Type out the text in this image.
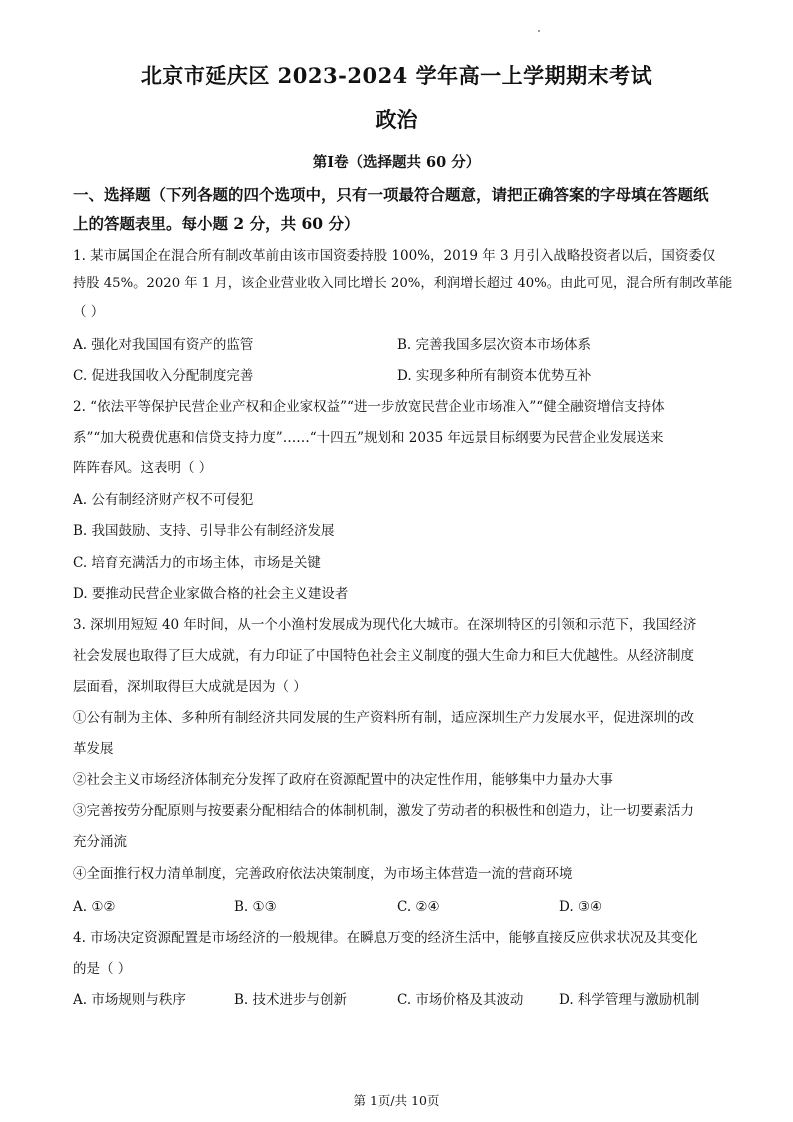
北京市延庆区 2023-2024 学年高一上学期期末考试
政治
第Ⅰ卷（选择题共 60 分）
一、选择题（下列各题的四个选项中，只有一项最符合题意，请把正确答案的字母填在答题纸上的答题表里。每小题 2 分，共 60 分）
1. 某市属国企在混合所有制改革前由该市国资委持股 100%，2019 年 3 月引入战略投资者以后，国资委仅
持股 45%。2020 年 1 月，该企业营业收入同比增长 20%，利润增长超过 40%。由此可见，混合所有制改革能
（ ）
A. 强化对我国国有资产的监管	B. 完善我国多层次资本市场体系
C. 促进我国收入分配制度完善	D. 实现多种所有制资本优势互补
2. “依法平等保护民营企业产权和企业家权益”“进一步放宽民营企业市场准入”“健全融资增信支持体
系”“加大税费优惠和信贷支持力度”……“十四五”规划和 2035 年远景目标纲要为民营企业发展送来
阵阵春风。这表明（ ）
A. 公有制经济财产权不可侵犯
B. 我国鼓励、支持、引导非公有制经济发展
C. 培育充满活力的市场主体，市场是关键
D. 要推动民营企业家做合格的社会主义建设者
3. 深圳用短短 40 年时间，从一个小渔村发展成为现代化大城市。在深圳特区的引领和示范下，我国经济
社会发展也取得了巨大成就，有力印证了中国特色社会主义制度的强大生命力和巨大优越性。从经济制度
层面看，深圳取得巨大成就是因为（ ）
①公有制为主体、多种所有制经济共同发展的生产资料所有制，适应深圳生产力发展水平，促进深圳的改
革发展
②社会主义市场经济体制充分发挥了政府在资源配置中的决定性作用，能够集中力量办大事
③完善按劳分配原则与按要素分配相结合的体制机制，激发了劳动者的积极性和创造力，让一切要素活力
充分涌流
④全面推行权力清单制度，完善政府依法决策制度，为市场主体营造一流的营商环境
A. ①②	B. ①③	C. ②④	D. ③④
4. 市场决定资源配置是市场经济的一般规律。在瞬息万变的经济生活中，能够直接反应供求状况及其变化
的是（ ）
A. 市场规则与秩序	B. 技术进步与创新	C. 市场价格及其波动	D. 科学管理与激励机制
第 1页/共 10页
